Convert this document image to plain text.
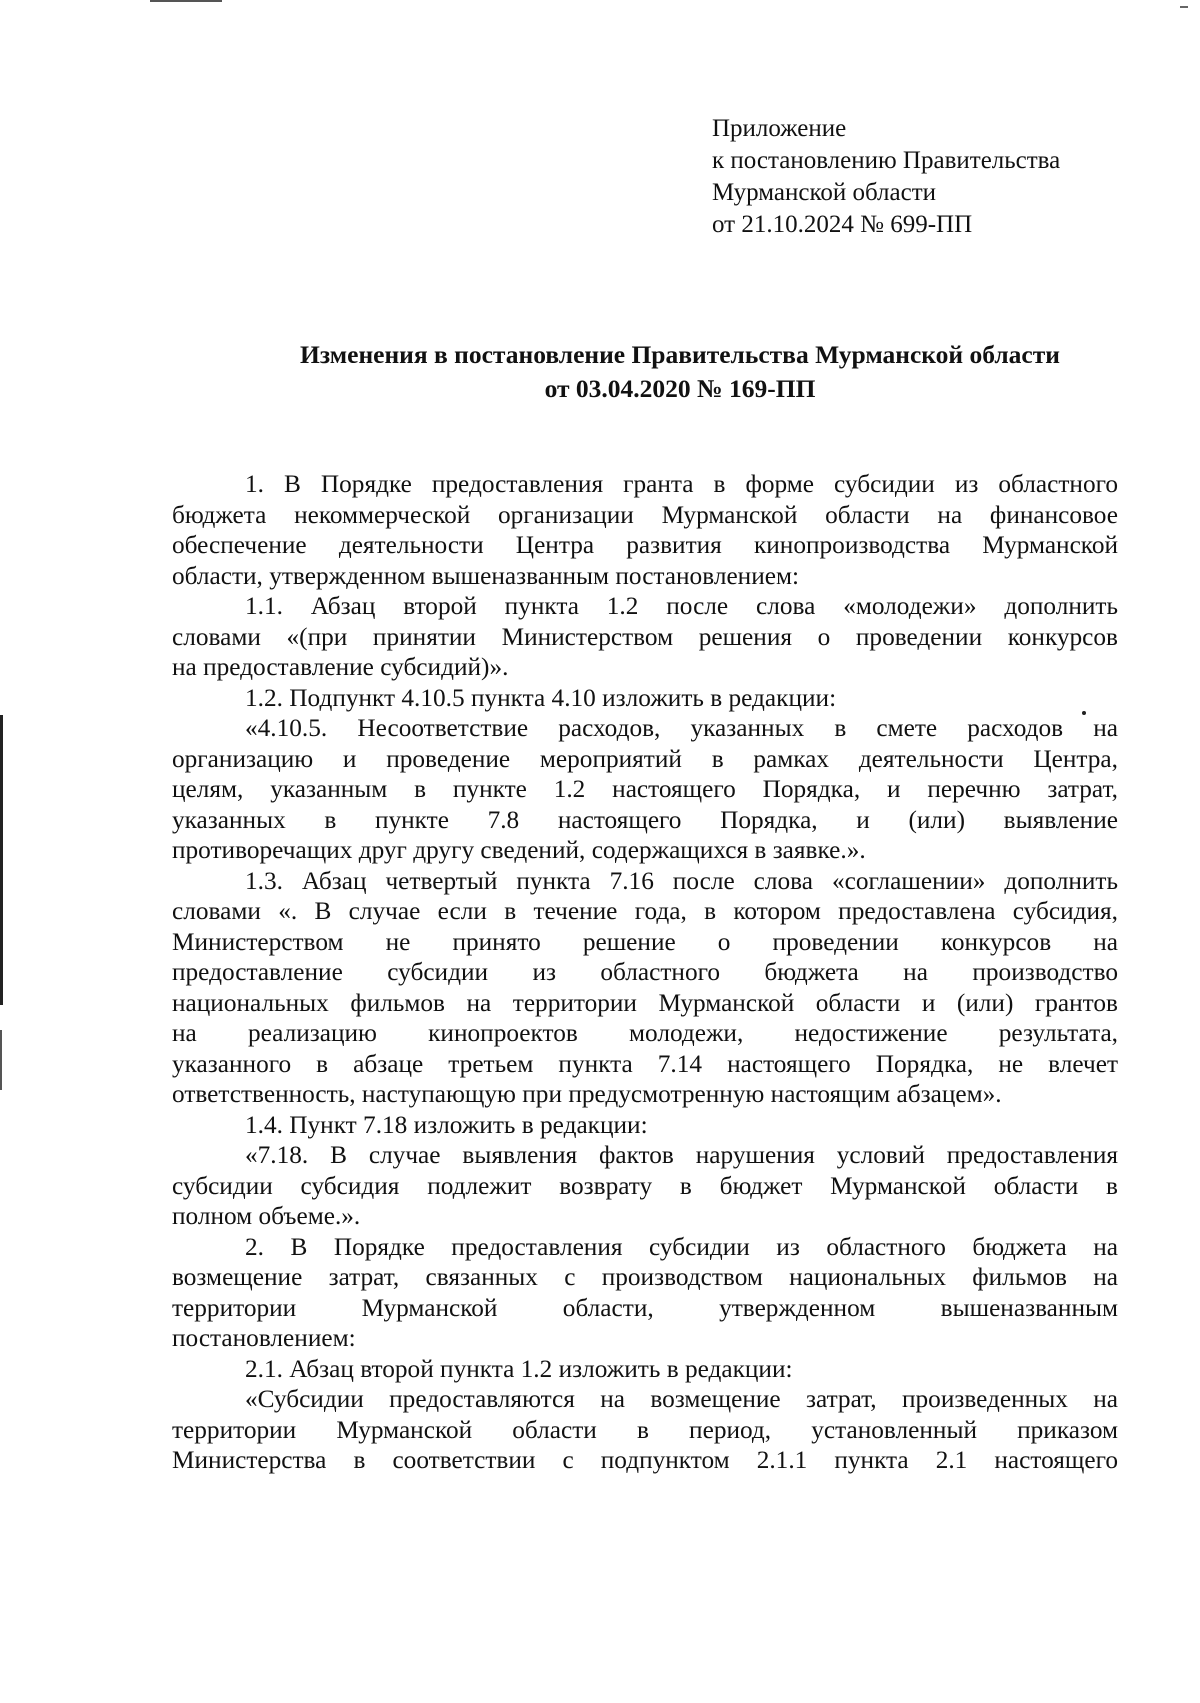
Приложение
к постановлению Правительства
Мурманской области
от 21.10.2024 № 699-ПП
Изменения в постановление Правительства Мурманской области
от 03.04.2020 № 169-ПП
1. В Порядке предоставления гранта в форме субсидии из областного
бюджета некоммерческой организации Мурманской области на финансовое
обеспечение деятельности Центра развития кинопроизводства Мурманской
области, утвержденном вышеназванным постановлением:
1.1. Абзац второй пункта 1.2 после слова «молодежи» дополнить
словами «(при принятии Министерством решения о проведении конкурсов
на предоставление субсидий)».
1.2. Подпункт 4.10.5 пункта 4.10 изложить в редакции:
«4.10.5. Несоответствие расходов, указанных в смете расходов на
организацию и проведение мероприятий в рамках деятельности Центра,
целям, указанным в пункте 1.2 настоящего Порядка, и перечню затрат,
указанных в пункте 7.8 настоящего Порядка, и (или) выявление
противоречащих друг другу сведений, содержащихся в заявке.».
1.3. Абзац четвертый пункта 7.16 после слова «соглашении» дополнить
словами «. В случае если в течение года, в котором предоставлена субсидия,
Министерством не принято решение о проведении конкурсов на
предоставление субсидии из областного бюджета на производство
национальных фильмов на территории Мурманской области и (или) грантов
на реализацию кинопроектов молодежи, недостижение результата,
указанного в абзаце третьем пункта 7.14 настоящего Порядка, не влечет
ответственность, наступающую при предусмотренную настоящим абзацем».
1.4. Пункт 7.18 изложить в редакции:
«7.18. В случае выявления фактов нарушения условий предоставления
субсидии субсидия подлежит возврату в бюджет Мурманской области в
полном объеме.».
2. В Порядке предоставления субсидии из областного бюджета на
возмещение затрат, связанных с производством национальных фильмов на
территории Мурманской области, утвержденном вышеназванным
постановлением:
2.1. Абзац второй пункта 1.2 изложить в редакции:
«Субсидии предоставляются на возмещение затрат, произведенных на
территории Мурманской области в период, установленный приказом
Министерства в соответствии с подпунктом 2.1.1 пункта 2.1 настоящего
